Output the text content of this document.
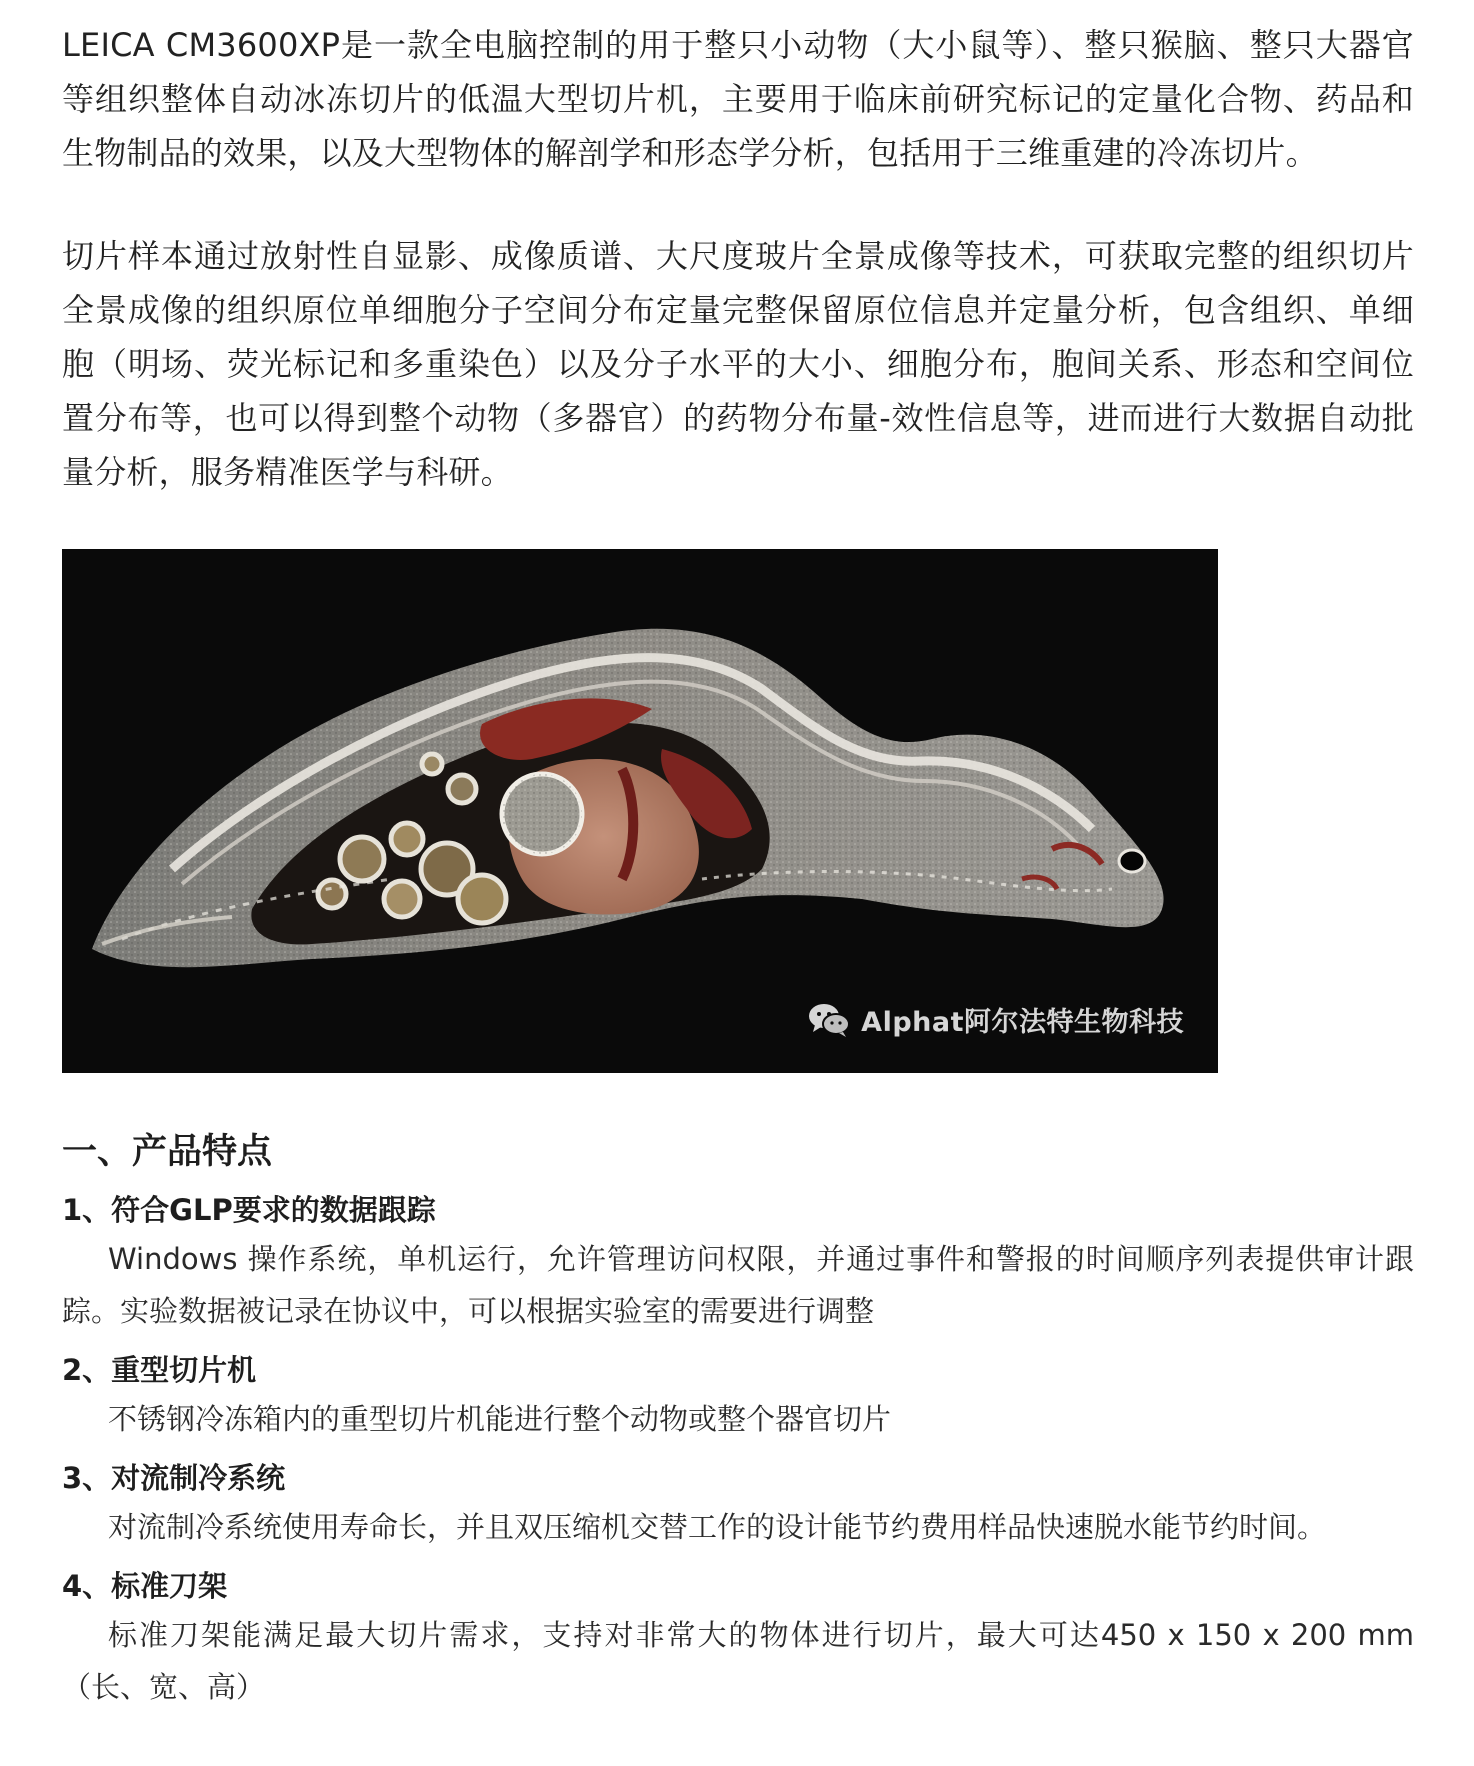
LEICA CM3600XP是一款全电脑控制的用于整只小动物（大小鼠等）、整只猴脑、整只大器官等组织整体自动冰冻切片的低温大型切片机，主要用于临床前研究标记的定量化合物、药品和生物制品的效果，以及大型物体的解剖学和形态学分析，包括用于三维重建的冷冻切片。

切片样本通过放射性自显影、成像质谱、大尺度玻片全景成像等技术，可获取完整的组织切片全景成像的组织原位单细胞分子空间分布定量完整保留原位信息并定量分析，包含组织、单细胞（明场、荧光标记和多重染色）以及分子水平的大小、细胞分布，胞间关系、形态和空间位置分布等，也可以得到整个动物（多器官）的药物分布量-效性信息等，进而进行大数据自动批量分析，服务精准医学与科研。

Alphat阿尔法特生物科技
一、产品特点
1、符合GLP要求的数据跟踪
Windows 操作系统，单机运行，允许管理访问权限，并通过事件和警报的时间顺序列表提供审计跟踪。实验数据被记录在协议中，可以根据实验室的需要进行调整
2、重型切片机
不锈钢冷冻箱内的重型切片机能进行整个动物或整个器官切片
3、对流制冷系统
对流制冷系统使用寿命长，并且双压缩机交替工作的设计能节约费用样品快速脱水能节约时间。
4、标准刀架
标准刀架能满足最大切片需求，支持对非常大的物体进行切片，最大可达450 x 150 x 200 mm（长、宽、高）
